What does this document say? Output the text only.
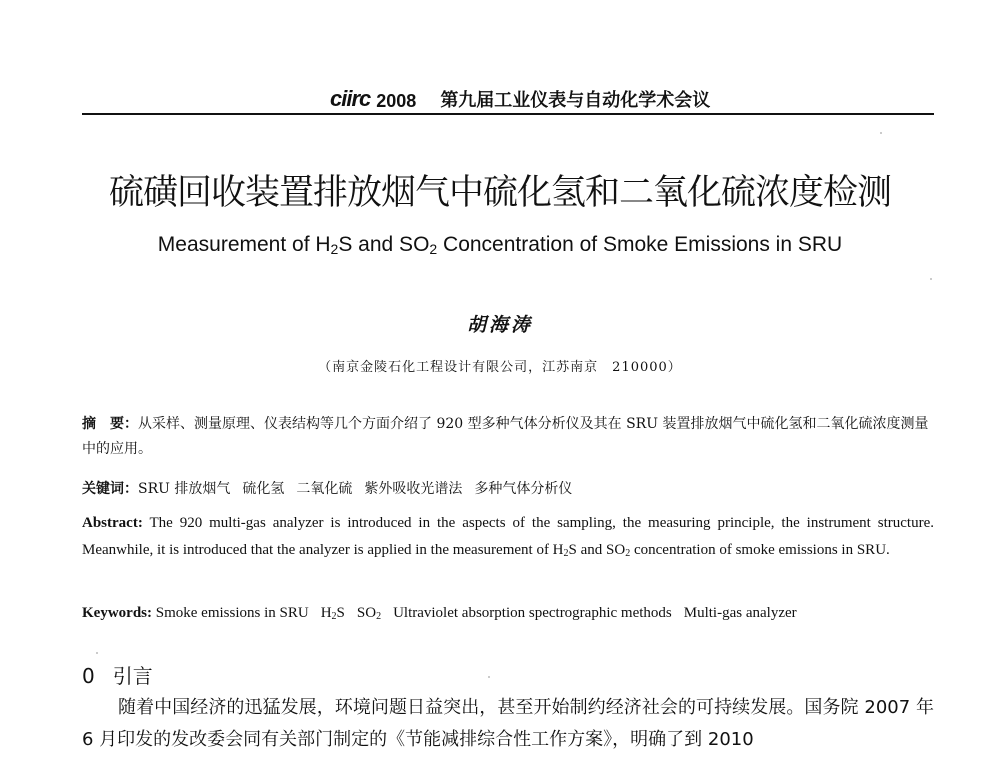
ciirc 2008 第九届工业仪表与自动化学术会议
硫磺回收装置排放烟气中硫化氢和二氧化硫浓度检测
Measurement of $H_2S$ and $SO_2$ Concentration of Smoke Emissions in SRU
胡海涛
（南京金陵石化工程设计有限公司，江苏南京　210000）
摘　要：从采样、测量原理、仪表结构等几个方面介绍了 920 型多种气体分析仪及其在 SRU 装置排放烟气中硫化氢和二氧化硫浓度测量中的应用。
关键词：SRU 排放烟气 硫化氢 二氧化硫 紫外吸收光谱法 多种气体分析仪
Abstract: The 920 multi-gas analyzer is introduced in the aspects of the sampling, the measuring principle, the instrument structure. Meanwhile, it is introduced that the analyzer is applied in the measurement of $H_2S$ and $SO_2$ concentration of smoke emissions in SRU.
Keywords: Smoke emissions in SRU $H_2S$ $SO_2$ Ultraviolet absorption spectrographic methods Multi-gas analyzer
0 引言
随着中国经济的迅猛发展，环境问题日益突出，甚至开始制约经济社会的可持续发展。国务院 2007 年 6 月印发的发改委会同有关部门制定的《节能减排综合性工作方案》，明确了到 2010
